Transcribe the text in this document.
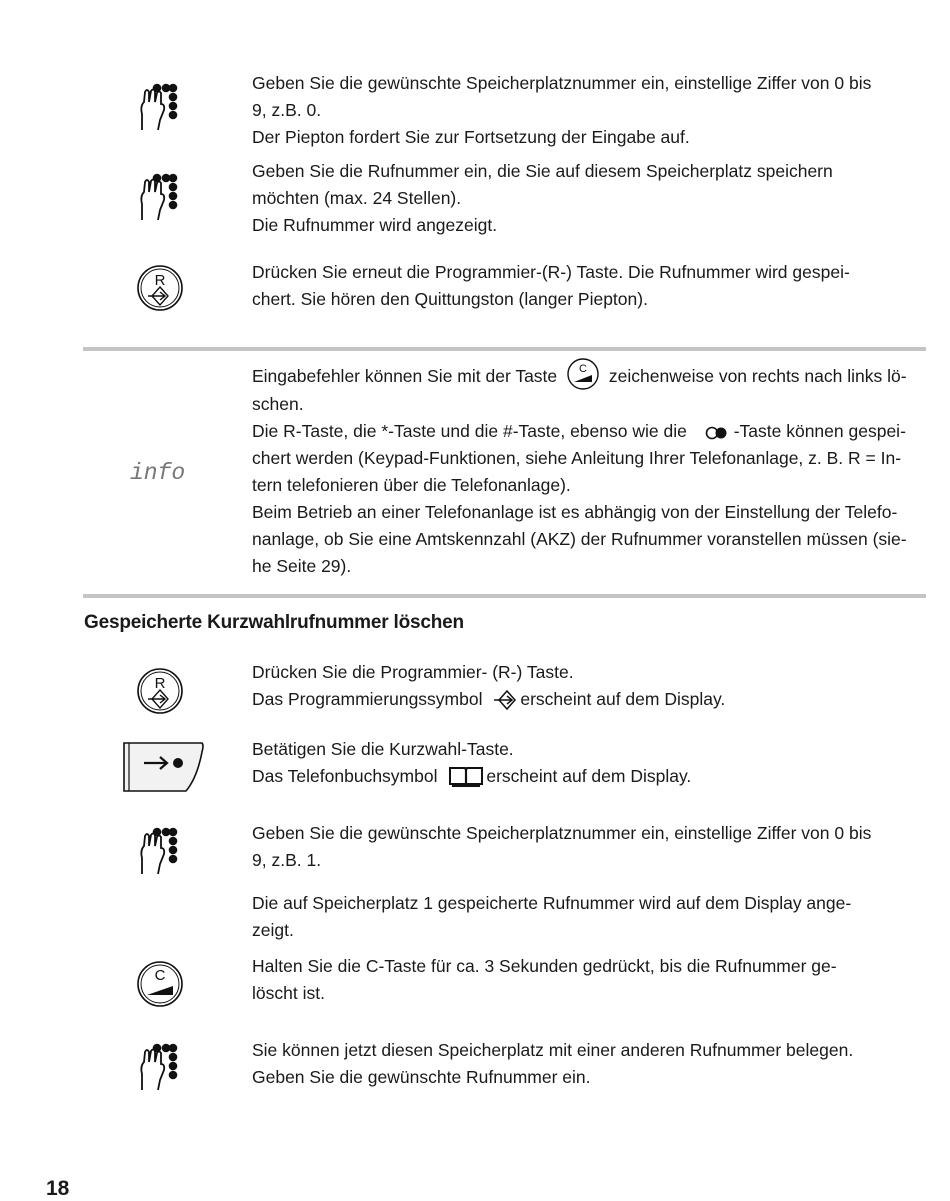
R
Geben Sie die gewünschte Speicherplatznummer ein, einstellige Ziffer von 0 bis
9, z.B. 0.
Der Piepton fordert Sie zur Fortsetzung der Eingabe auf.
Geben Sie die Rufnummer ein, die Sie auf diesem Speicherplatz speichern
möchten (max. 24 Stellen).
Die Rufnummer wird angezeigt.
Drücken Sie erneut die Programmier-(R-) Taste. Die Rufnummer wird gespei-
chert. Sie hören den Quittungston (langer Piepton).
info
Eingabefehler können Sie mit der Taste C zeichenweise von rechts nach links lö-
schen.
Die R-Taste, die *-Taste und die #-Taste, ebenso wie die	-Taste können gespei-
chert werden (Keypad-Funktionen, siehe Anleitung Ihrer Telefonanlage, z. B. R = In-
tern telefonieren über die Telefonanlage).
Beim Betrieb an einer Telefonanlage ist es abhängig von der Einstellung der Telefo-
nanlage, ob Sie eine Amtskennzahl (AKZ) der Rufnummer voranstellen müssen (sie-
he Seite 29).
Gespeicherte Kurzwahlrufnummer löschen
R
Drücken Sie die Programmier- (R-) Taste.
Das Programmierungssymbol erscheint auf dem Display.
Betätigen Sie die Kurzwahl-Taste.
Das Telefonbuchsymbol	erscheint auf dem Display.
Geben Sie die gewünschte Speicherplatznummer ein, einstellige Ziffer von 0 bis
9, z.B. 1.
Die auf Speicherplatz 1 gespeicherte Rufnummer wird auf dem Display ange-
zeigt.
C	Halten Sie die C-Taste für ca. 3 Sekunden gedrückt, bis die Rufnummer ge-
löscht ist.
Sie können jetzt diesen Speicherplatz mit einer anderen Rufnummer belegen.
Geben Sie die gewünschte Rufnummer ein.
18
